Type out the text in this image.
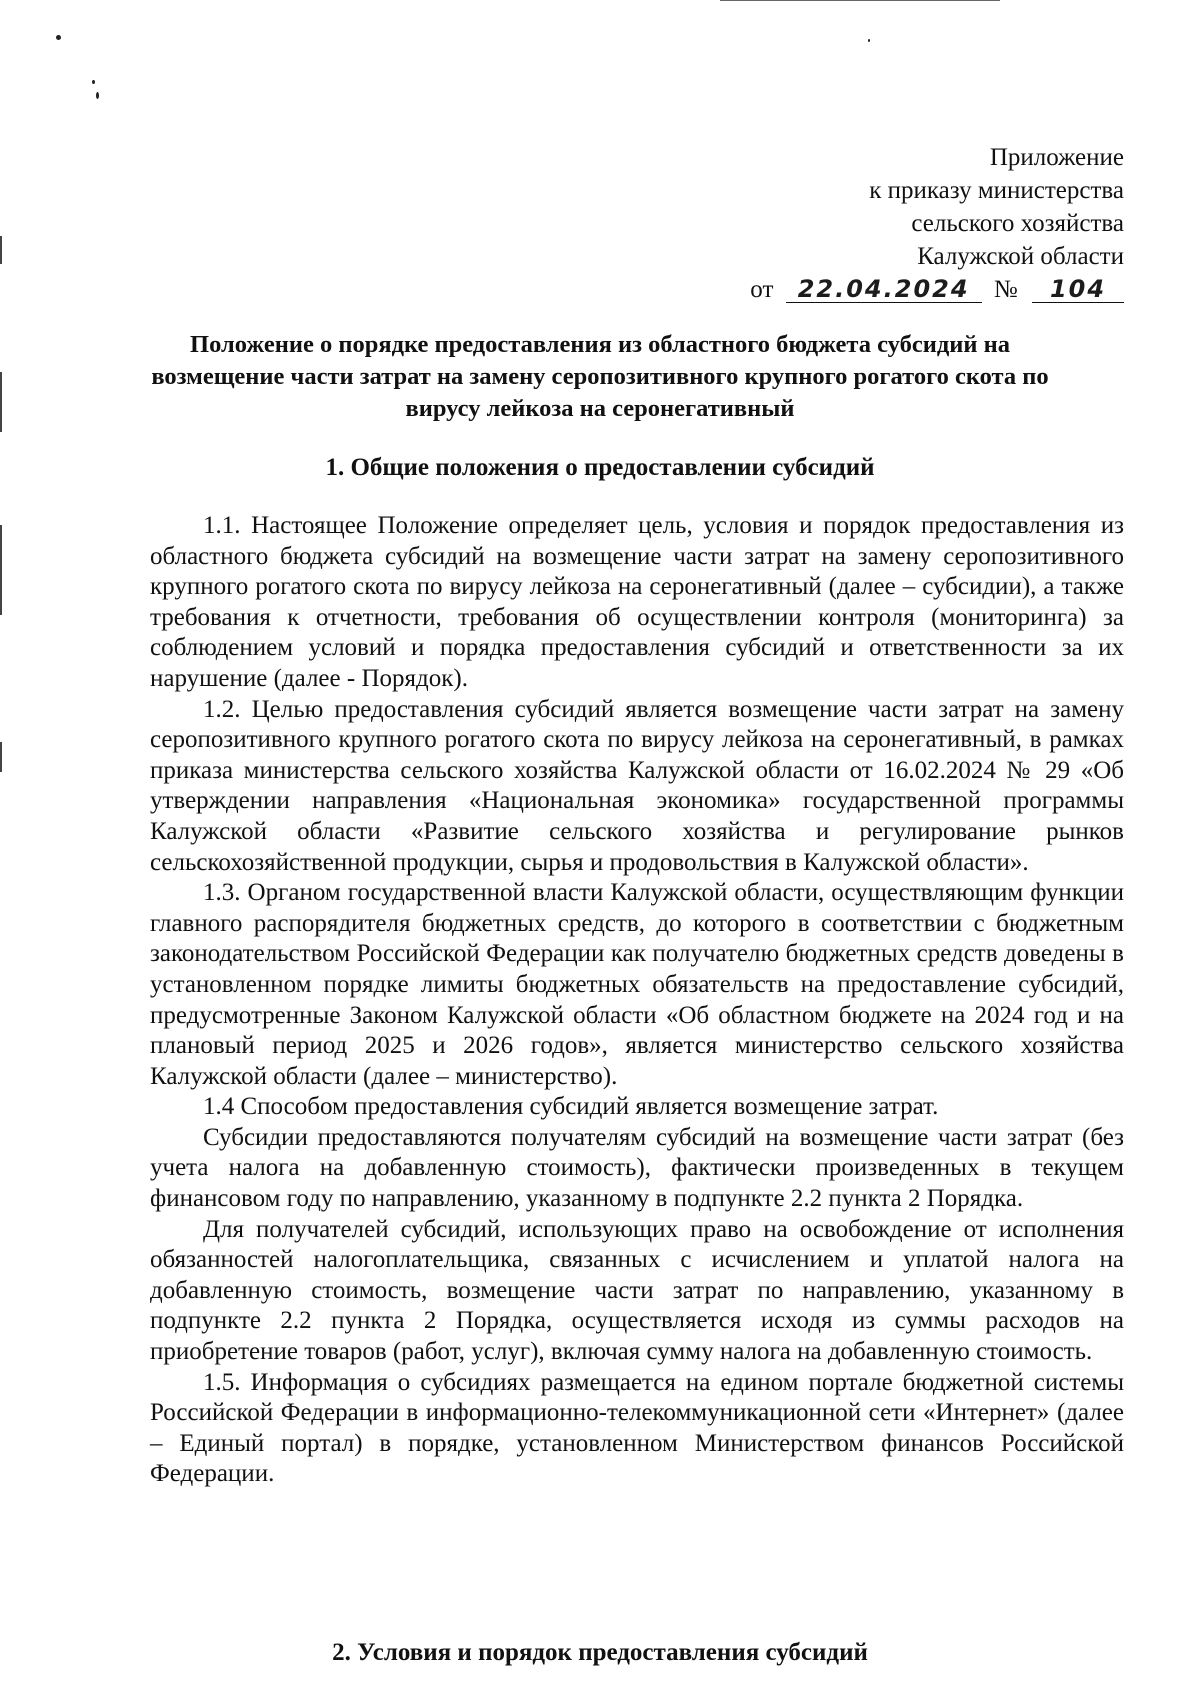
Приложение
к приказу министерства
сельского хозяйства
Калужской области
от 22.04.2024 № 104
Положение о порядке предоставления из областного бюджета субсидий на возмещение части затрат на замену серопозитивного крупного рогатого скота по вирусу лейкоза на серонегативный
1. Общие положения о предоставлении субсидий

1.1. Настоящее Положение определяет цель, условия и порядок предоставления из областного бюджета субсидий на возмещение части затрат на замену серопозитивного крупного рогатого скота по вирусу лейкоза на серонегативный (далее – субсидии), а также требования к отчетности, требования об осуществлении контроля (мониторинга) за соблюдением условий и порядка предоставления субсидий и ответственности за их нарушение (далее - Порядок).

1.2. Целью предоставления субсидий является возмещение части затрат на замену серопозитивного крупного рогатого скота по вирусу лейкоза на серонегативный, в рамках приказа министерства сельского хозяйства Калужской области от 16.02.2024 № 29 «Об утверждении направления «Национальная экономика» государственной программы Калужской области «Развитие сельского хозяйства и регулирование рынков сельскохозяйственной продукции, сырья и продовольствия в Калужской области».

1.3. Органом государственной власти Калужской области, осуществляющим функции главного распорядителя бюджетных средств, до которого в соответствии с бюджетным законодательством Российской Федерации как получателю бюджетных средств доведены в установленном порядке лимиты бюджетных обязательств на предоставление субсидий, предусмотренные Законом Калужской области «Об областном бюджете на 2024 год и на плановый период 2025 и 2026 годов», является министерство сельского хозяйства Калужской области (далее – министерство).

1.4 Способом предоставления субсидий является возмещение затрат.

Субсидии предоставляются получателям субсидий на возмещение части затрат (без учета налога на добавленную стоимость), фактически произведенных в текущем финансовом году по направлению, указанному в подпункте 2.2 пункта 2 Порядка.

Для получателей субсидий, использующих право на освобождение от исполнения обязанностей налогоплательщика, связанных с исчислением и уплатой налога на добавленную стоимость, возмещение части затрат по направлению, указанному в подпункте 2.2 пункта 2 Порядка, осуществляется исходя из суммы расходов на приобретение товаров (работ, услуг), включая сумму налога на добавленную стоимость.

1.5. Информация о субсидиях размещается на едином портале бюджетной системы Российской Федерации в информационно-телекоммуникационной сети «Интернет» (далее – Единый портал) в порядке, установленном Министерством финансов Российской Федерации.

2. Условия и порядок предоставления субсидий
